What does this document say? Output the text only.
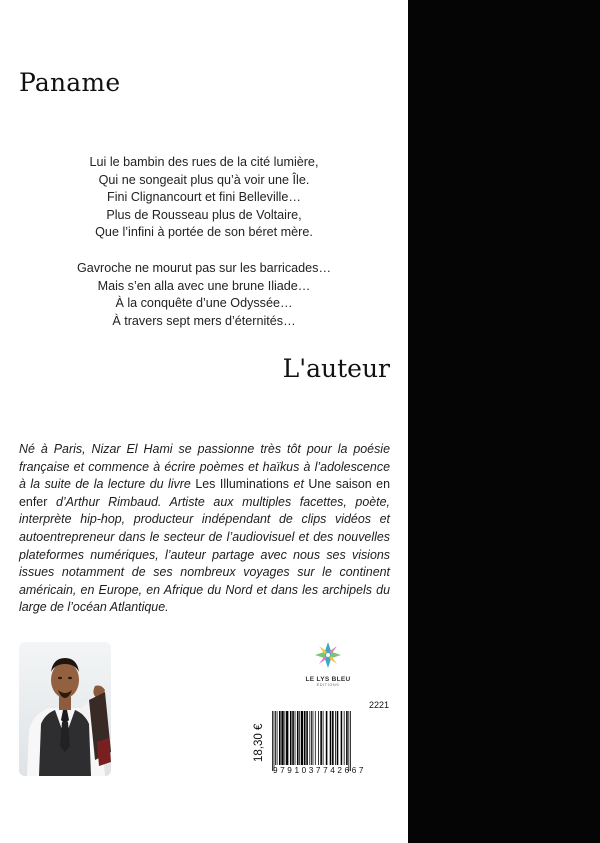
Paname
Lui le bambin des rues de la cité lumière,
Qui ne songeait plus qu’à voir une Île.
Fini Clignancourt et fini Belleville…
Plus de Rousseau plus de Voltaire,
Que l’infini à portée de son béret mère.
Gavroche ne mourut pas sur les barricades…
Mais s’en alla avec une brune Iliade…
À la conquête d’une Odyssée…
À travers sept mers d’éternités…
L'auteur

Né à Paris, Nizar El Hami se passionne très tôt pour la poésie française et commence à écrire poèmes et haïkus à l’adolescence à la suite de la lecture du livre Les Illuminations et Une saison en enfer d’Arthur Rimbaud. Artiste aux multiples facettes, poète, interprète hip-hop, producteur indépendant de clips vidéos et autoentrepreneur dans le secteur de l’audiovisuel et des nouvelles plateformes numériques, l’auteur partage avec nous ses visions issues notamment de ses nombreux voyages sur le continent américain, en Europe, en Afrique du Nord et dans les archipels du large de l’océan Atlantique.

LE LYS BLEU
ÉDITIONS
18,30 €
2221
9791037742667
